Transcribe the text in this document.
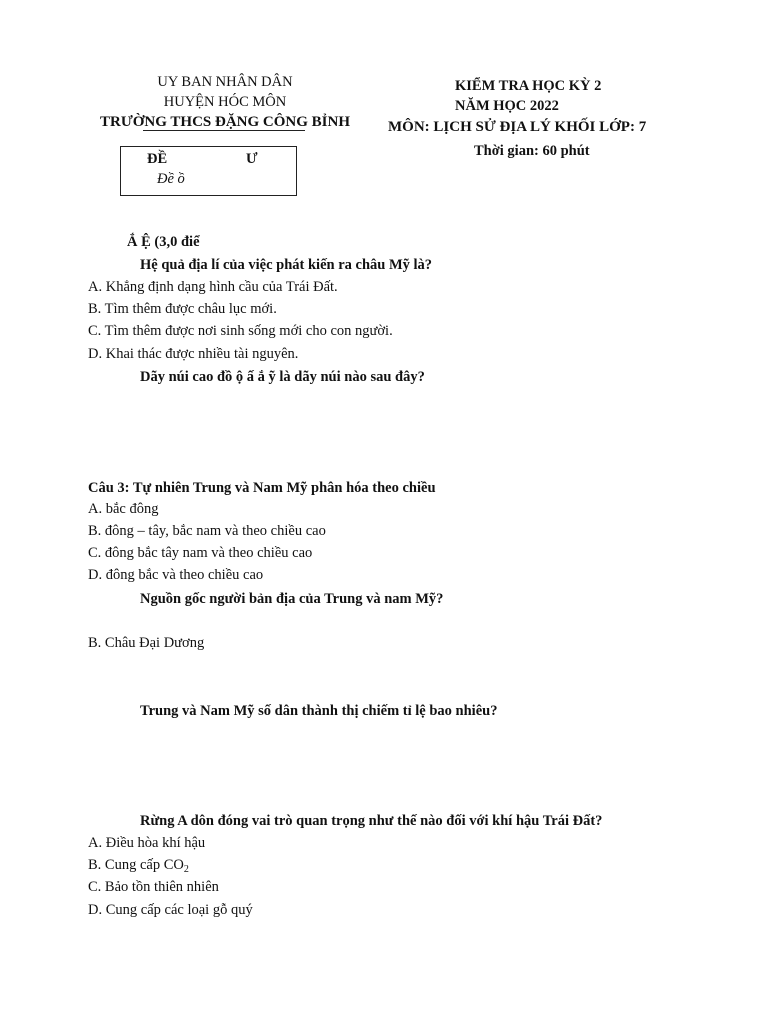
UY BAN NHÂN DÂN
HUYỆN HÓC MÔN
TRƯỜNG THCS ĐẶNG CÔNG BỈNH
KIỂM TRA HỌC KỲ 2
NĂM HỌC 2022
MÔN: LỊCH SỬ ĐỊA LÝ KHỐI LỚP: 7
Thời gian: 60 phút
ĐỀ	Ư
Đề ồ
Ắ Ệ (3,0 điể
Hệ quả địa lí của việc phát kiến ra châu Mỹ là?
A. Khẳng định dạng hình cầu của Trái Đất.
B. Tìm thêm được châu lục mới.
C. Tìm thêm được nơi sinh sống mới cho con người.
D. Khai thác được nhiều tài nguyên.
Dãy núi cao đồ ộ ấ ắ ỹ là dãy núi nào sau đây?
Câu 3: Tự nhiên Trung và Nam Mỹ phân hóa theo chiều
A. bắc đông
B. đông – tây, bắc nam và theo chiều cao
C. đông bắc tây nam và theo chiều cao
D. đông bắc và theo chiều cao
Nguồn gốc người bản địa của Trung và nam Mỹ?
B. Châu Đại Dương
Trung và Nam Mỹ số dân thành thị chiếm tỉ lệ bao nhiêu?
Rừng A dôn đóng vai trò quan trọng như thế nào đối với khí hậu Trái Đất?
A. Điều hòa khí hậu
B. Cung cấp $CO_2$
C. Bảo tồn thiên nhiên
D. Cung cấp các loại gỗ quý
